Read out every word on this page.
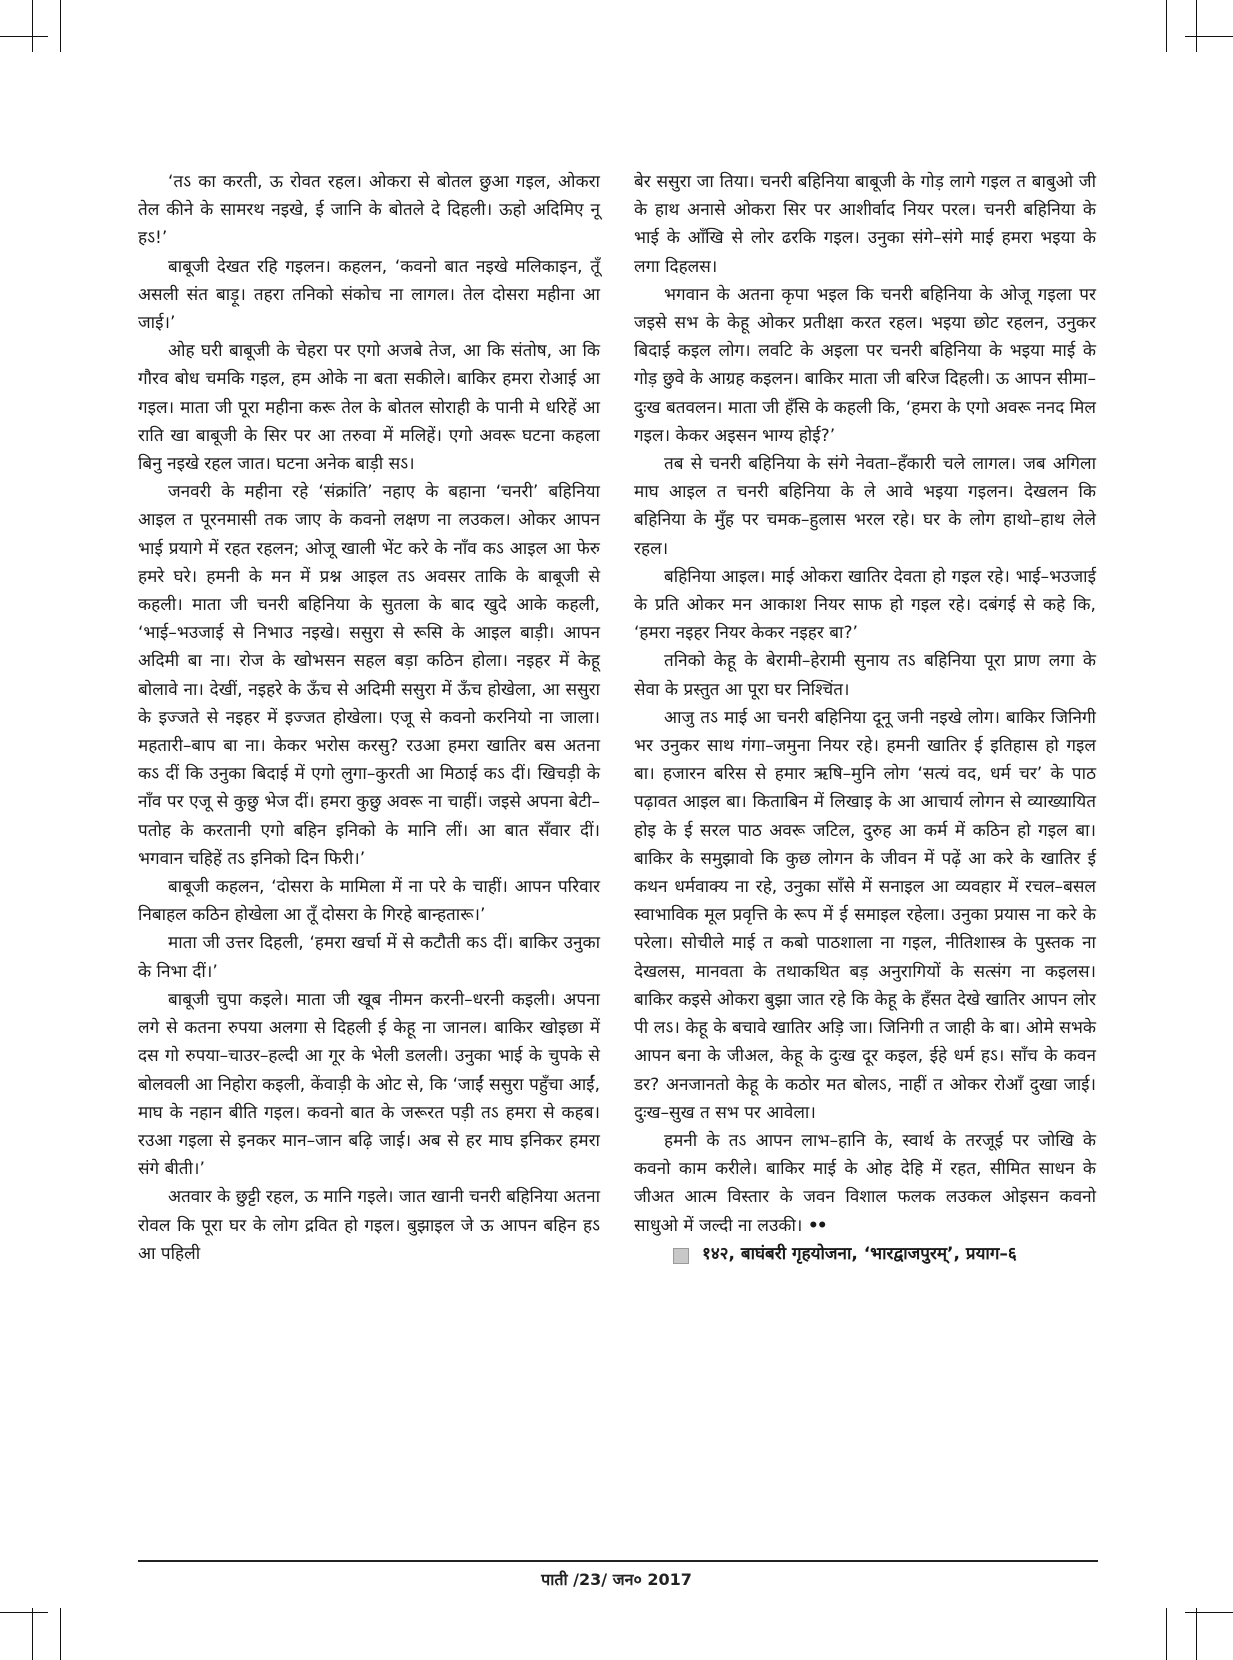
‘तऽ का करती, ऊ रोवत रहल। ओकरा से बोतल छुआ गइल, ओकरा तेल कीने के सामरथ नइखे, ई जानि के बोतले दे दिहली। ऊहो अदिमिए नू हऽ!’

बाबूजी देखत रहि गइलन। कहलन, ‘कवनो बात नइखे मलिकाइन, तूँ असली संत बाड़ू। तहरा तनिको संकोच ना लागल। तेल दोसरा महीना आ जाई।’

ओह घरी बाबूजी के चेहरा पर एगो अजबे तेज, आ कि संतोष, आ कि गौरव बोध चमकि गइल, हम ओके ना बता सकीले। बाकिर हमरा रोआई आ गइल। माता जी पूरा महीना करू तेल के बोतल सोराही के पानी मे धरिहें आ राति खा बाबूजी के सिर पर आ तरुवा में मलिहें। एगो अवरू घटना कहला बिनु नइखे रहल जात। घटना अनेक बाड़ी सऽ।

जनवरी के महीना रहे ‘संक्रांति’ नहाए के बहाना ‘चनरी’ बहिनिया आइल त पूरनमासी तक जाए के कवनो लक्षण ना लउकल। ओकर आपन भाई प्रयागे में रहत रहलन; ओजू खाली भेंट करे के नाँव कऽ आइल आ फेरु हमरे घरे। हमनी के मन में प्रश्न आइल तऽ अवसर ताकि के बाबूजी से कहली। माता जी चनरी बहिनिया के सुतला के बाद खुदे आके कहली, ‘भाई–भउजाई से निभाउ नइखे। ससुरा से रूसि के आइल बाड़ी। आपन अदिमी बा ना। रोज के खोभसन सहल बड़ा कठिन होला। नइहर में केहू बोलावे ना। देखीं, नइहरे के ऊँच से अदिमी ससुरा में ऊँच होखेला, आ ससुरा के इज्जते से नइहर में इज्जत होखेला। एजू से कवनो करनियो ना जाला। महतारी–बाप बा ना। केकर भरोस करसु? रउआ हमरा खातिर बस अतना कऽ दीं कि उनुका बिदाई में एगो लुगा–कुरती आ मिठाई कऽ दीं। खिचड़ी के नाँव पर एजू से कुछु भेज दीं। हमरा कुछु अवरू ना चाहीं। जइसे अपना बेटी–पतोह के करतानी एगो बहिन इनिको के मानि लीं। आ बात सँवार दीं। भगवान चहिहें तऽ इनिको दिन फिरी।’

बाबूजी कहलन, ‘दोसरा के मामिला में ना परे के चाहीं। आपन परिवार निबाहल कठिन होखेला आ तूँ दोसरा के गिरहे बान्हतारू।’

माता जी उत्तर दिहली, ‘हमरा खर्चा में से कटौती कऽ दीं। बाकिर उनुका के निभा दीं।’

बाबूजी चुपा कइले। माता जी खूब नीमन करनी–धरनी कइली। अपना लगे से कतना रुपया अलगा से दिहली ई केहू ना जानल। बाकिर खोइछा में दस गो रुपया–चाउर–हल्दी आ गूर के भेली डलली। उनुका भाई के चुपके से बोलवली आ निहोरा कइली, केंवाड़ी के ओट से, कि ‘जाईं ससुरा पहुँचा आईं, माघ के नहान बीति गइल। कवनो बात के जरूरत पड़ी तऽ हमरा से कहब। रउआ गइला से इनकर मान–जान बढ़ि जाई। अब से हर माघ इनिकर हमरा संगे बीती।’

अतवार के छुट्टी रहल, ऊ मानि गइले। जात खानी चनरी बहिनिया अतना रोवल कि पूरा घर के लोग द्रवित हो गइल। बुझाइल जे ऊ आपन बहिन हऽ आ पहिली

बेर ससुरा जा तिया। चनरी बहिनिया बाबूजी के गोड़ लागे गइल त बाबुओ जी के हाथ अनासे ओकरा सिर पर आशीर्वाद नियर परल। चनरी बहिनिया के भाई के आँखि से लोर ढरकि गइल। उनुका संगे–संगे माई हमरा भइया के लगा दिहलस।

भगवान के अतना कृपा भइल कि चनरी बहिनिया के ओजू गइला पर जइसे सभ के केहू ओकर प्रतीक्षा करत रहल। भइया छोट रहलन, उनुकर बिदाई कइल लोग। लवटि के अइला पर चनरी बहिनिया के भइया माई के गोड़ छुवे के आग्रह कइलन। बाकिर माता जी बरिज दिहली। ऊ आपन सीमा–दुःख बतवलन। माता जी हँसि के कहली कि, ‘हमरा के एगो अवरू ननद मिल गइल। केकर अइसन भाग्य होई?’

तब से चनरी बहिनिया के संगे नेवता–हँकारी चले लागल। जब अगिला माघ आइल त चनरी बहिनिया के ले आवे भइया गइलन। देखलन कि बहिनिया के मुँह पर चमक–हुलास भरल रहे। घर के लोग हाथो–हाथ लेले रहल।

बहिनिया आइल। माई ओकरा खातिर देवता हो गइल रहे। भाई–भउजाई के प्रति ओकर मन आकाश नियर साफ हो गइल रहे। दबंगई से कहे कि, ‘हमरा नइहर नियर केकर नइहर बा?’

तनिको केहू के बेरामी–हेरामी सुनाय तऽ बहिनिया पूरा प्राण लगा के सेवा के प्रस्तुत आ पूरा घर निश्चिंत।

आजु तऽ माई आ चनरी बहिनिया दूनू जनी नइखे लोग। बाकिर जिनिगी भर उनुकर साथ गंगा–जमुना नियर रहे। हमनी खातिर ई इतिहास हो गइल बा। हजारन बरिस से हमार ऋषि–मुनि लोग ‘सत्यं वद, धर्म चर’ के पाठ पढ़ावत आइल बा। किताबिन में लिखाइ के आ आचार्य लोगन से व्याख्यायित होइ के ई सरल पाठ अवरू जटिल, दुरुह आ कर्म में कठिन हो गइल बा। बाकिर के समुझावो कि कुछ लोगन के जीवन में पढ़ें आ करे के खातिर ई कथन धर्मवाक्य ना रहे, उनुका साँसे में सनाइल आ व्यवहार में रचल–बसल स्वाभाविक मूल प्रवृत्ति के रूप में ई समाइल रहेला। उनुका प्रयास ना करे के परेला। सोचीले माई त कबो पाठशाला ना गइल, नीतिशास्त्र के पुस्तक ना देखलस, मानवता के तथाकथित बड़ अनुरागियों के सत्संग ना कइलस। बाकिर कइसे ओकरा बुझा जात रहे कि केहू के हँसत देखे खातिर आपन लोर पी लऽ। केहू के बचावे खातिर अड़ि जा। जिनिगी त जाही के बा। ओमे सभके आपन बना के जीअल, केहू के दुःख दूर कइल, ईहे धर्म हऽ। साँच के कवन डर? अनजानतो केहू के कठोर मत बोलऽ, नाहीं त ओकर रोआँ दुखा जाई। दुःख–सुख त सभ पर आवेला।

हमनी के तऽ आपन लाभ–हानि के, स्वार्थ के तरजूई पर जोखि के कवनो काम करीले। बाकिर माई के ओह देहि में रहत, सीमित साधन के जीअत आत्म विस्तार के जवन विशाल फलक लउकल ओइसन कवनो साधुओ में जल्दी ना लउकी। ••

१४२, बाघंबरी गृहयोजना, ‘भारद्वाजपुरम्’, प्रयाग–६

पाती /23/ जन० 2017
